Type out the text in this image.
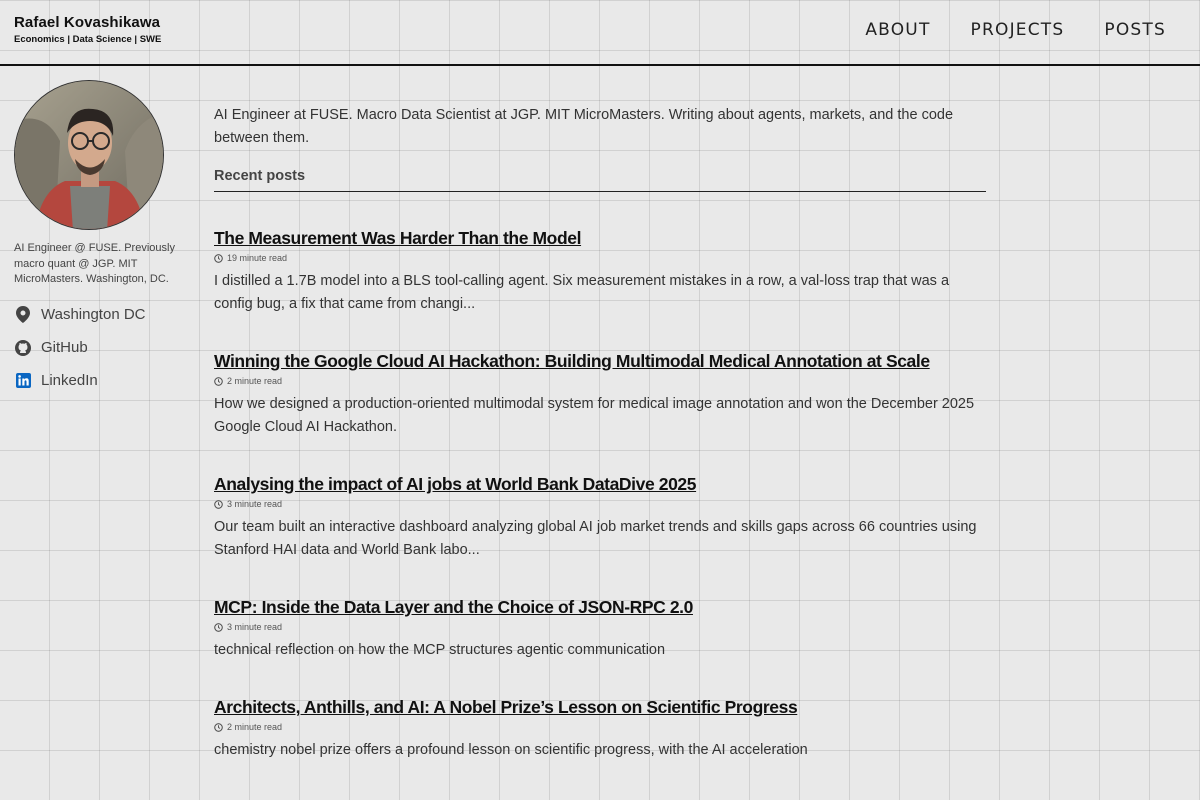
Rafael Kovashikawa
Economics | Data Science | SWE	ABOUT PROJECTS POSTS

AI Engineer @ FUSE. Previously macro quant @ JGP. MIT MicroMasters. Washington, DC.

Washington DC
GitHub
LinkedIn

AI Engineer at FUSE. Macro Data Scientist at JGP. MIT MicroMasters. Writing about agents, markets, and the code between them.

Recent posts
The Measurement Was Harder Than the Model
19 minute read

I distilled a 1.7B model into a BLS tool-calling agent. Six measurement mistakes in a row, a val-loss trap that was a config bug, a fix that came from changi...

Winning the Google Cloud AI Hackathon: Building Multimodal Medical Annotation at Scale
2 minute read

How we designed a production-oriented multimodal system for medical image annotation and won the December 2025 Google Cloud AI Hackathon.

Analysing the impact of AI jobs at World Bank DataDive 2025
3 minute read

Our team built an interactive dashboard analyzing global AI job market trends and skills gaps across 66 countries using Stanford HAI data and World Bank labo...

MCP: Inside the Data Layer and the Choice of JSON-RPC 2.0
3 minute read

technical reflection on how the MCP structures agentic communication

Architects, Anthills, and AI: A Nobel Prize’s Lesson on Scientific Progress
2 minute read

chemistry nobel prize offers a profound lesson on scientific progress, with the AI acceleration
